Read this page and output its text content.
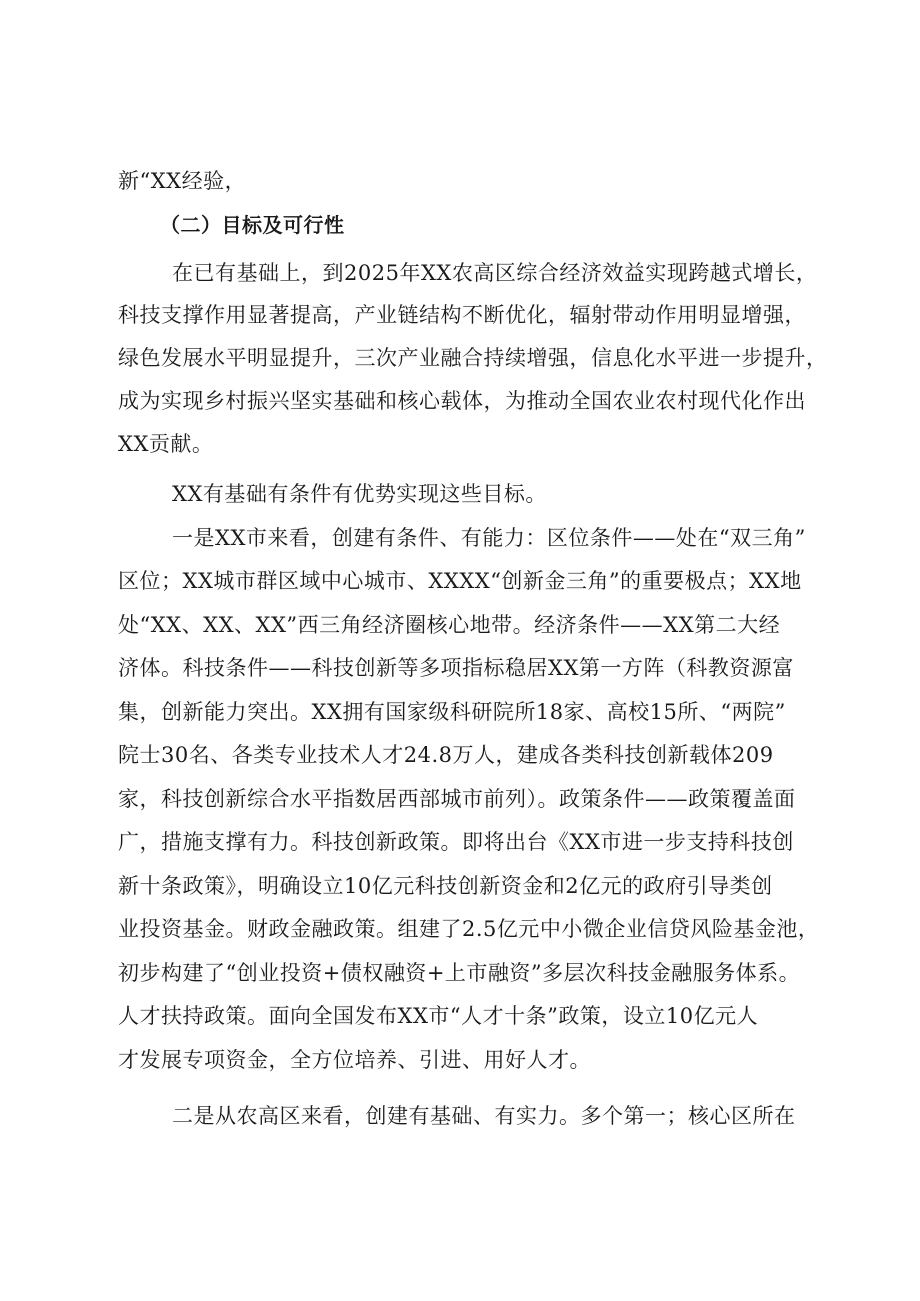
新“XX经验，
（二）目标及可行性
在已有基础上，到2025年XX农高区综合经济效益实现跨越式增长，
科技支撑作用显著提高，产业链结构不断优化，辐射带动作用明显增强，
绿色发展水平明显提升，三次产业融合持续增强，信息化水平进一步提升，
成为实现乡村振兴坚实基础和核心载体，为推动全国农业农村现代化作出
XX贡献。
XX有基础有条件有优势实现这些目标。
一是XX市来看，创建有条件、有能力：区位条件——处在“双三角”
区位；XX城市群区域中心城市、XXXX“创新金三角”的重要极点；XX地
处“XX、XX、XX”西三角经济圈核心地带。经济条件——XX第二大经
济体。科技条件——科技创新等多项指标稳居XX第一方阵（科教资源富
集，创新能力突出。XX拥有国家级科研院所18家、高校15所、“两院”
院士30名、各类专业技术人才24.8万人，建成各类科技创新载体209
家，科技创新综合水平指数居西部城市前列）。政策条件——政策覆盖面
广，措施支撑有力。科技创新政策。即将出台《XX市进一步支持科技创
新十条政策》，明确设立10亿元科技创新资金和2亿元的政府引导类创
业投资基金。财政金融政策。组建了2.5亿元中小微企业信贷风险基金池，
初步构建了“创业投资+债权融资+上市融资”多层次科技金融服务体系。
人才扶持政策。面向全国发布XX市“人才十条”政策，设立10亿元人
才发展专项资金，全方位培养、引进、用好人才。
二是从农高区来看，创建有基础、有实力。多个第一；核心区所在
